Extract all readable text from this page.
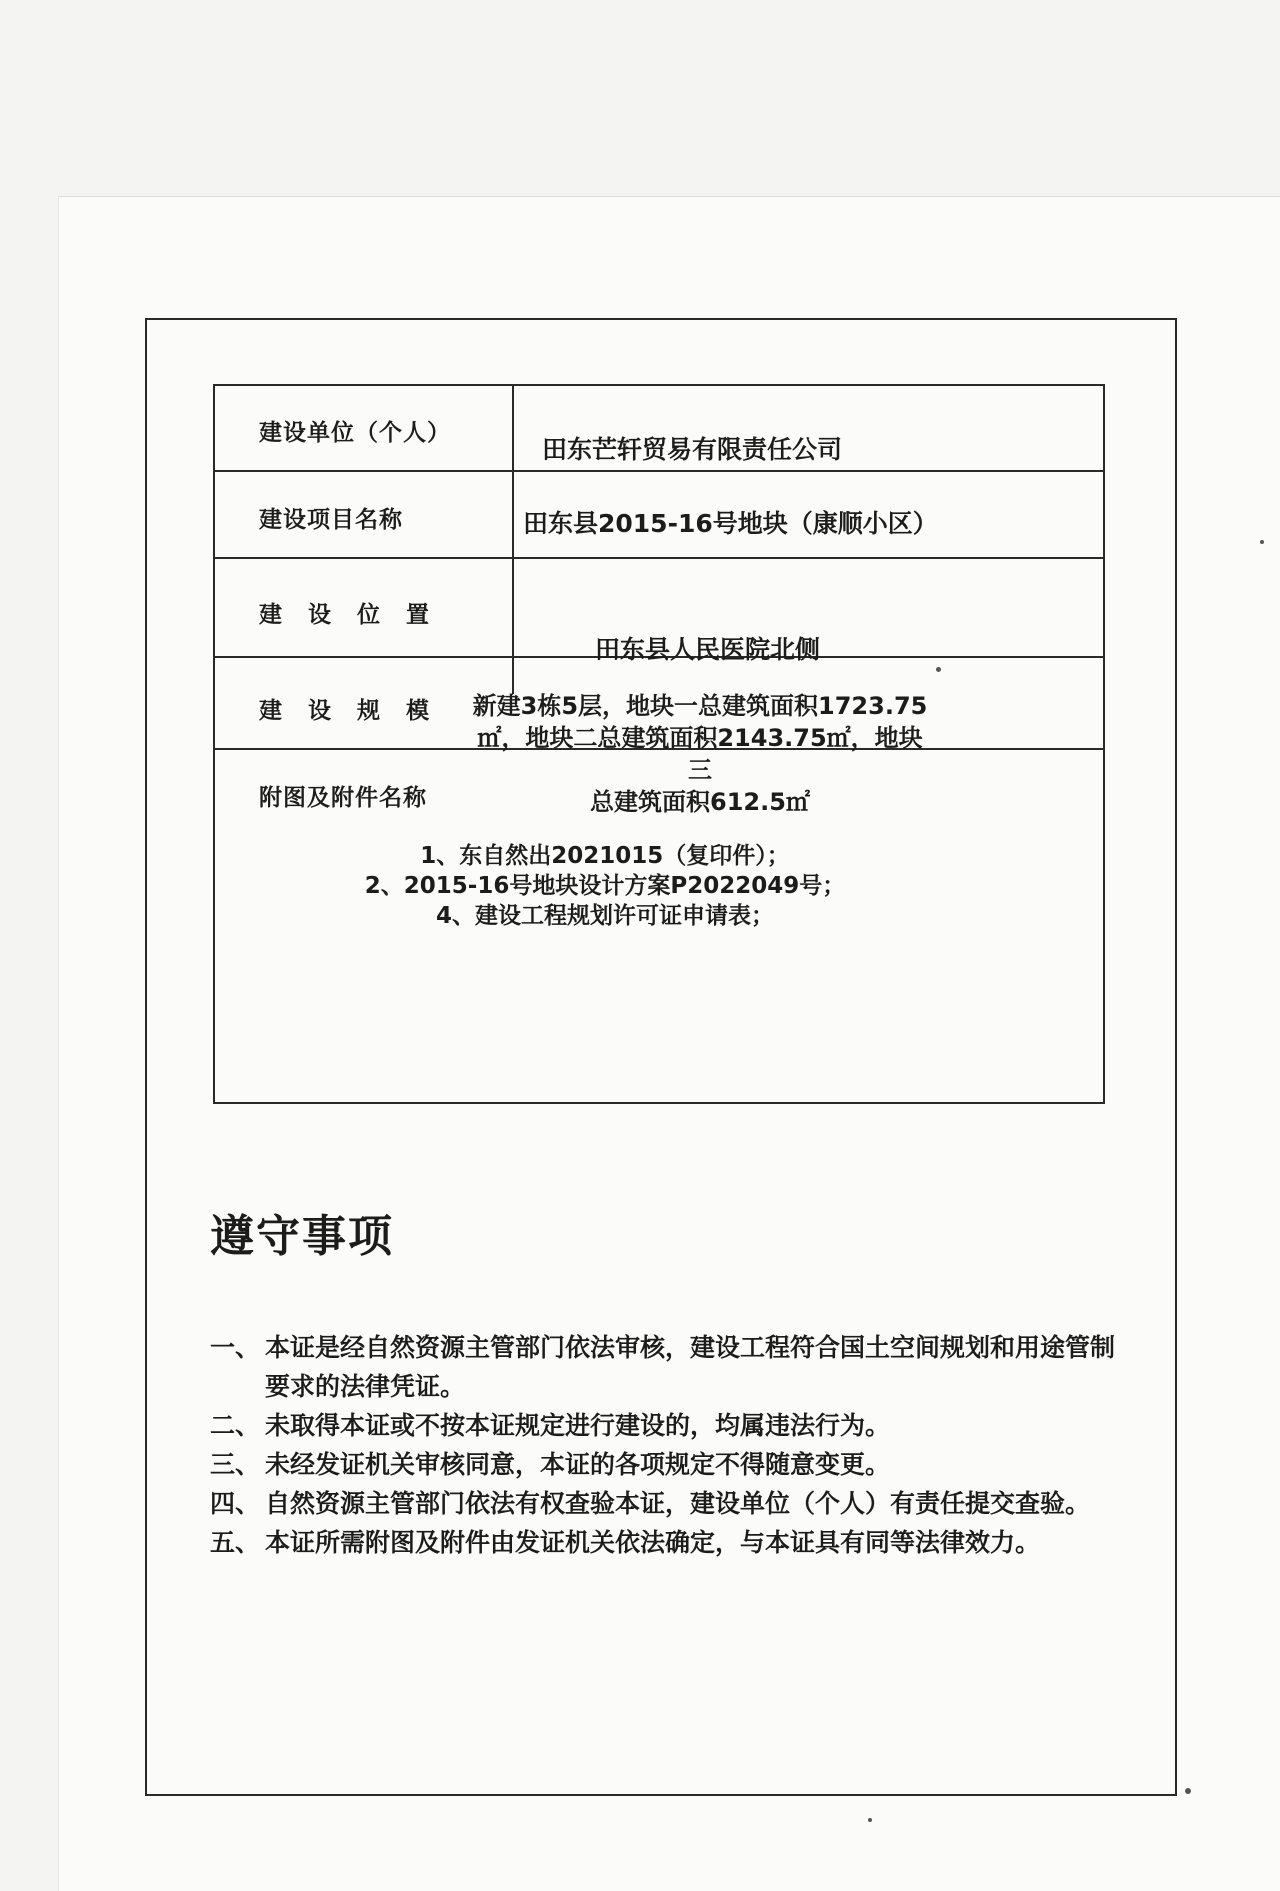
建设单位（个人）
田东芒轩贸易有限责任公司
建设项目名称	田东县2015-16号地块（康顺小区）
建 设 位 置
田东县人民医院北侧
建 设 规 模 新建3栋5层，地块一总建筑面积1723.75
㎡，地块二总建筑面积2143.75㎡，地块三
总建筑面积612.5㎡
附图及附件名称
1、东自然出2021015（复印件）；
2、2015-16号地块设计方案P2022049号；
4、建设工程规划许可证申请表；
遵守事项
一、 本证是经自然资源主管部门依法审核，建设工程符合国土空间规划和用途管制要求的法律凭证。
二、 未取得本证或不按本证规定进行建设的，均属违法行为。
三、 未经发证机关审核同意，本证的各项规定不得随意变更。
四、 自然资源主管部门依法有权查验本证，建设单位（个人）有责任提交查验。
五、 本证所需附图及附件由发证机关依法确定，与本证具有同等法律效力。
